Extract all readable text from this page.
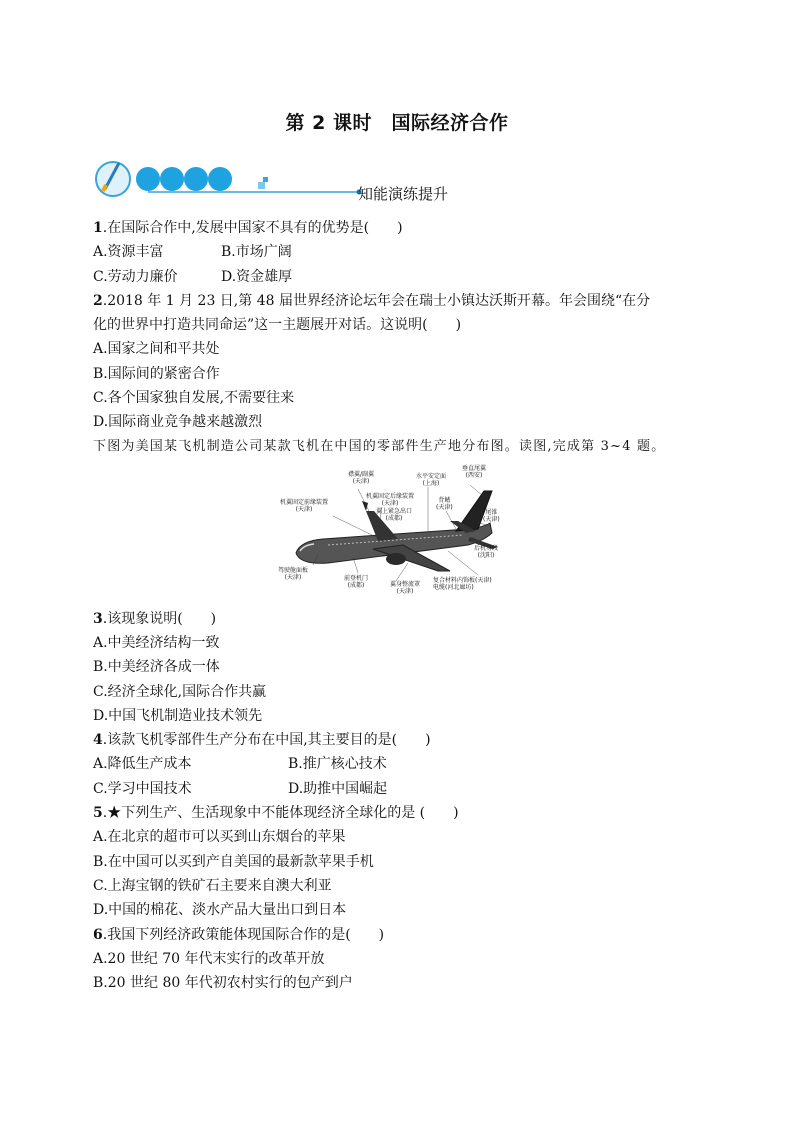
第 2 课时　国际经济合作
知能演练提升
1.在国际合作中,发展中国家不具有的优势是(　　)
A.资源丰富	B.市场广阔
C.劳动力廉价	D.资金雄厚
2.2018 年 1 月 23 日,第 48 届世界经济论坛年会在瑞士小镇达沃斯开幕。年会围绕“在分
化的世界中打造共同命运”这一主题展开对话。这说明(　　)
A.国家之间和平共处
B.国际间的紧密合作
C.各个国家独自发展,不需要往来
D.国际商业竞争越来越激烈
下图为美国某飞机制造公司某款飞机在中国的零部件生产地分布图。读图,完成第 3~4 题。
襟翼/副翼
(天津)
机翼固定后缘装置
(天津)
机翼固定前缘装置
(天津)	翼上紧急出口
(成都)
水平安定面
(上海)
垂直尾翼
(西安)
背鳍
(天津)
尾锥
(天津)
后机身段
(沈阳)
驾驶舱面板
(天津)	前登机门
(成都)	翼身整流罩
(天津)
复合材料内饰板(天津)
电缆(河北廊坊)
3.该现象说明(　　)
A.中美经济结构一致
B.中美经济各成一体
C.经济全球化,国际合作共赢
D.中国飞机制造业技术领先
4.该款飞机零部件生产分布在中国,其主要目的是(　　)
A.降低生产成本	B.推广核心技术
C.学习中国技术	D.助推中国崛起
5.★下列生产、生活现象中不能体现经济全球化的是 (　　)
A.在北京的超市可以买到山东烟台的苹果
B.在中国可以买到产自美国的最新款苹果手机
C.上海宝钢的铁矿石主要来自澳大利亚
D.中国的棉花、淡水产品大量出口到日本
6.我国下列经济政策能体现国际合作的是(　　)
A.20 世纪 70 年代末实行的改革开放
B.20 世纪 80 年代初农村实行的包产到户
